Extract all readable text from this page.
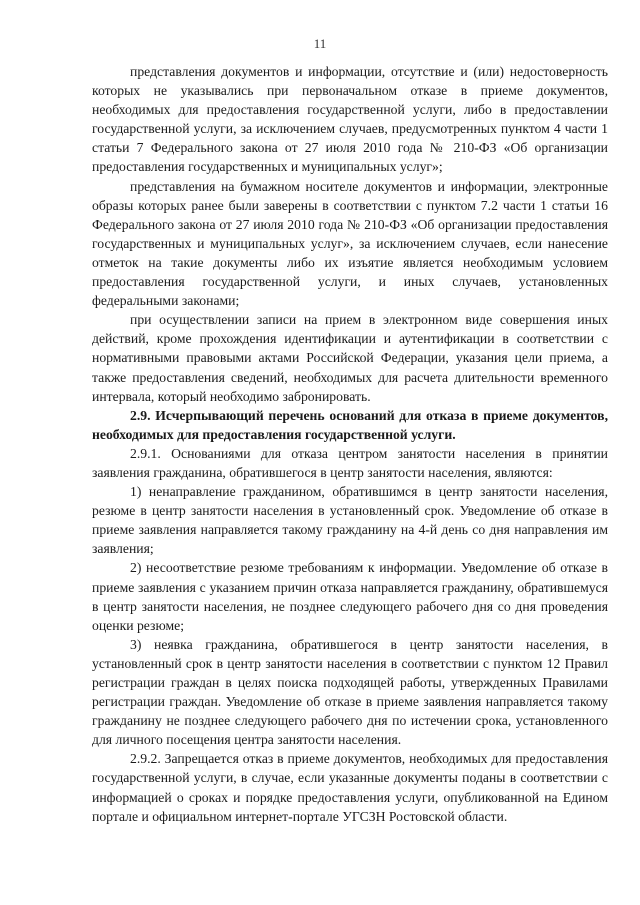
11

представления документов и информации, отсутствие и (или) недостоверность которых не указывались при первоначальном отказе в приеме документов, необходимых для предоставления государственной услуги, либо в предоставлении государственной услуги, за исключением случаев, предусмотренных пунктом 4 части 1 статьи 7 Федерального закона от 27 июля 2010 года № 210-ФЗ «Об организации предоставления государственных и муниципальных услуг»;

представления на бумажном носителе документов и информации, электронные образы которых ранее были заверены в соответствии с пунктом 7.2 части 1 статьи 16 Федерального закона от 27 июля 2010 года № 210-ФЗ «Об организации предоставления государственных и муниципальных услуг», за исключением случаев, если нанесение отметок на такие документы либо их изъятие является необходимым условием предоставления государственной услуги, и иных случаев, установленных федеральными законами;

при осуществлении записи на прием в электронном виде совершения иных действий, кроме прохождения идентификации и аутентификации в соответствии с нормативными правовыми актами Российской Федерации, указания цели приема, а также предоставления сведений, необходимых для расчета длительности временного интервала, который необходимо забронировать.

2.9. Исчерпывающий перечень оснований для отказа в приеме документов, необходимых для предоставления государственной услуги.

2.9.1. Основаниями для отказа центром занятости населения в принятии заявления гражданина, обратившегося в центр занятости населения, являются:

1) ненаправление гражданином, обратившимся в центр занятости населения, резюме в центр занятости населения в установленный срок. Уведомление об отказе в приеме заявления направляется такому гражданину на 4-й день со дня направления им заявления;

2) несоответствие резюме требованиям к информации. Уведомление об отказе в приеме заявления с указанием причин отказа направляется гражданину, обратившемуся в центр занятости населения, не позднее следующего рабочего дня со дня проведения оценки резюме;

3) неявка гражданина, обратившегося в центр занятости населения, в установленный срок в центр занятости населения в соответствии с пунктом 12 Правил регистрации граждан в целях поиска подходящей работы, утвержденных Правилами регистрации граждан. Уведомление об отказе в приеме заявления направляется такому гражданину не позднее следующего рабочего дня по истечении срока, установленного для личного посещения центра занятости населения.

2.9.2. Запрещается отказ в приеме документов, необходимых для предоставления государственной услуги, в случае, если указанные документы поданы в соответствии с информацией о сроках и порядке предоставления услуги, опубликованной на Едином портале и официальном интернет-портале УГСЗН Ростовской области.
